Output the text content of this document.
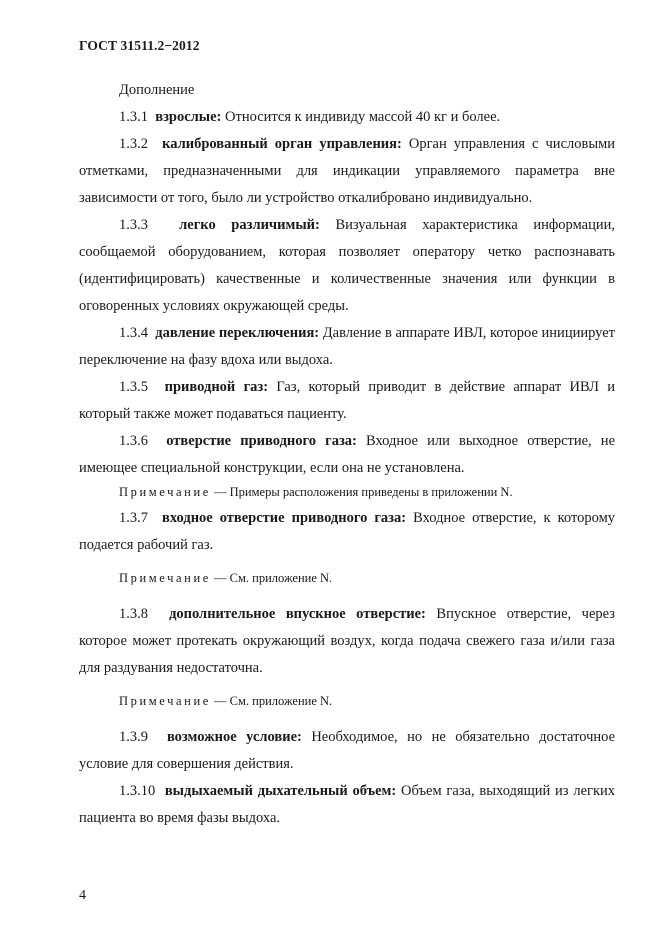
ГОСТ 31511.2−2012

Дополнение

1.3.1 взрослые: Относится к индивиду массой 40 кг и более.

1.3.2 калиброванный орган управления: Орган управления с числовыми отметками, предназначенными для индикации управляемого параметра вне зависимости от того, было ли устройство откалибровано индивидуально.

1.3.3 легко различимый: Визуальная характеристика информации, сообщаемой оборудованием, которая позволяет оператору четко распознавать (идентифицировать) качественные и количественные значения или функции в оговоренных условиях окружающей среды.

1.3.4 давление переключения: Давление в аппарате ИВЛ, которое инициирует переключение на фазу вдоха или выдоха.

1.3.5 приводной газ: Газ, который приводит в действие аппарат ИВЛ и который также может подаваться пациенту.

1.3.6 отверстие приводного газа: Входное или выходное отверстие, не имеющее специальной конструкции, если она не установлена.

Примечание — Примеры расположения приведены в приложении N.

1.3.7 входное отверстие приводного газа: Входное отверстие, к которому подается рабочий газ.

Примечание — См. приложение N.

1.3.8 дополнительное впускное отверстие: Впускное отверстие, через которое может протекать окружающий воздух, когда подача свежего газа и/или газа для раздувания недостаточна.

Примечание — См. приложение N.

1.3.9 возможное условие: Необходимое, но не обязательно достаточное условие для совершения действия.

1.3.10 выдыхаемый дыхательный объем: Объем газа, выходящий из легких пациента во время фазы выдоха.

4
